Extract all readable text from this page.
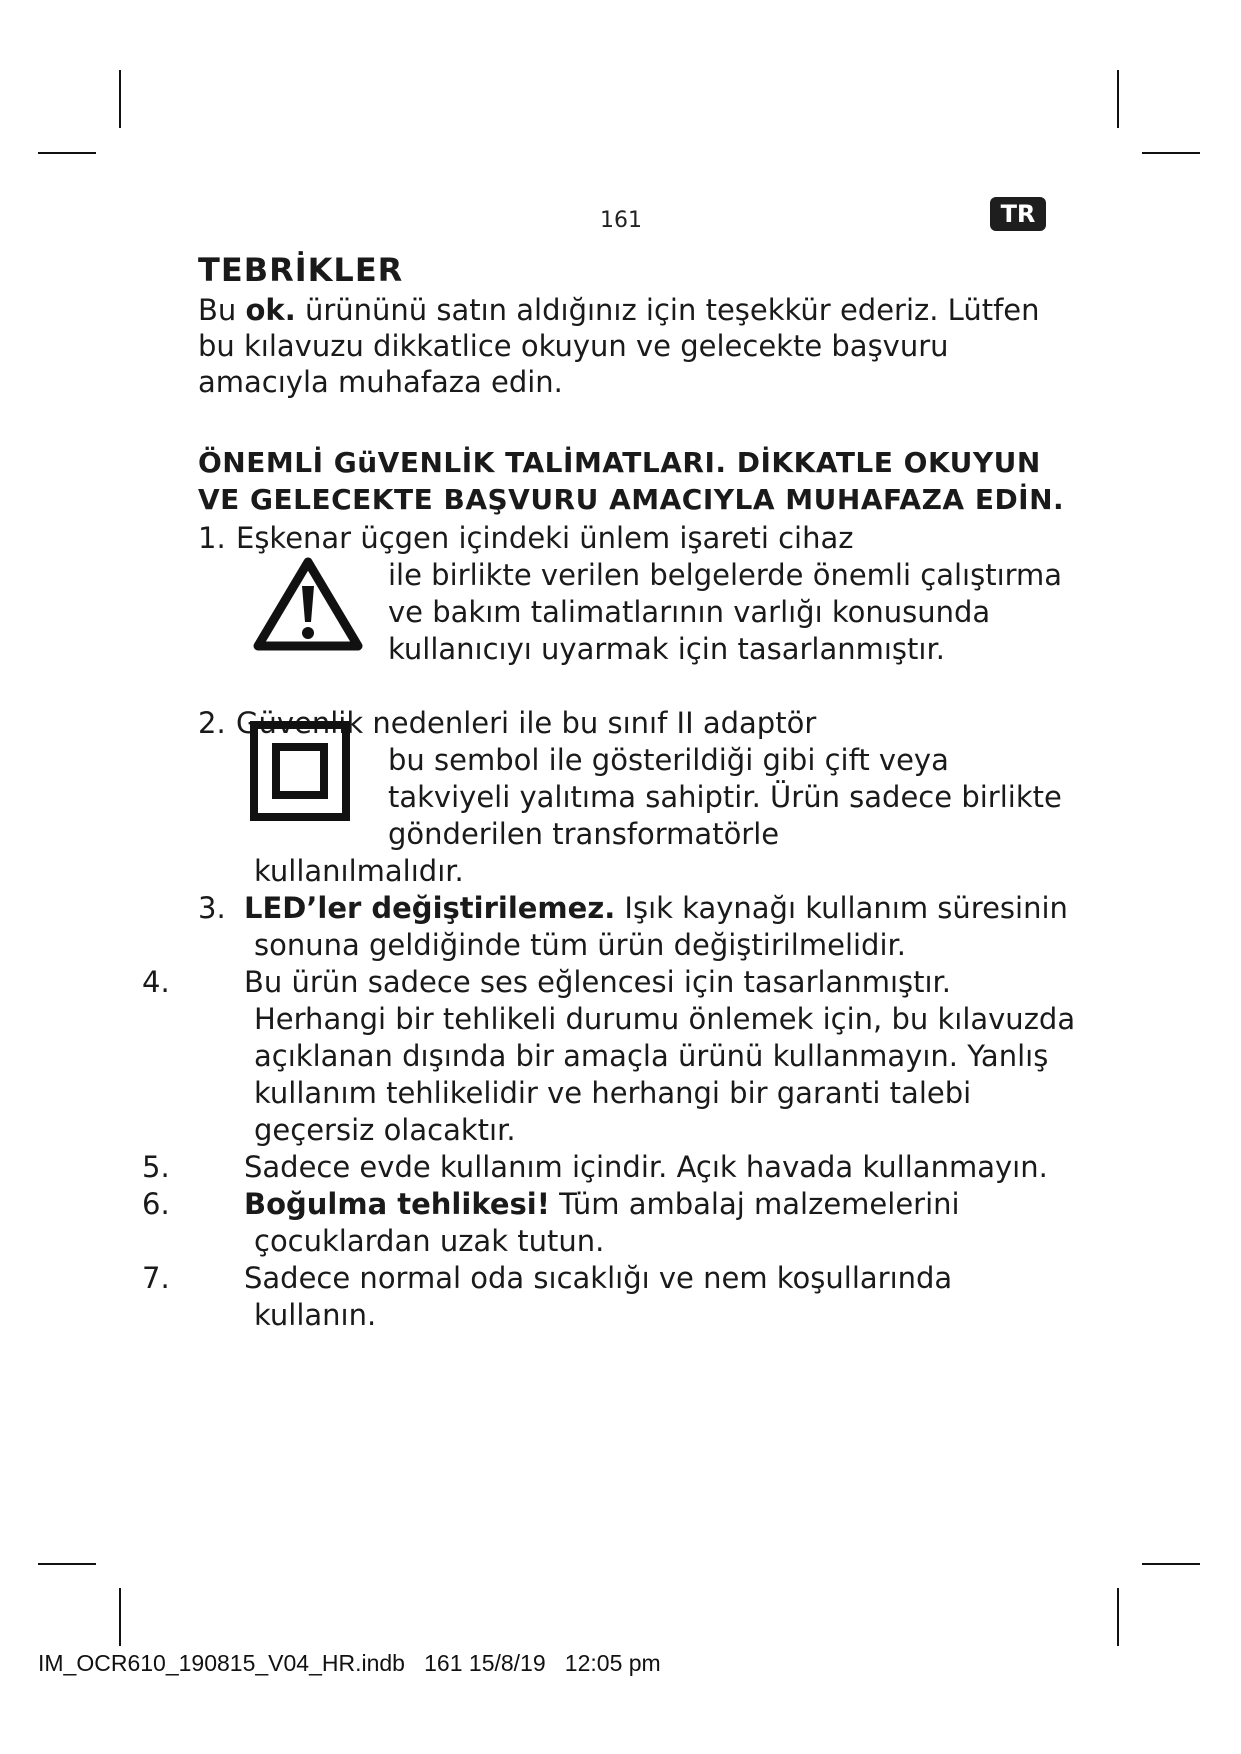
161	TR
TEBRİKLER

Bu ok. ürününü satın aldığınız için teşekkür ederiz. Lütfen bu kılavuzu dikkatlice okuyun ve gelecekte başvuru amacıyla muhafaza edin.

ÖNEMLİ GüVENLİK TALİMATLARI. DİKKATLE OKUYUN VE GELECEKTE BAŞVURU AMACIYLA MUHAFAZA EDİN.
1. Eşkenar üçgen içindeki ünlem işareti cihaz
ile birlikte verilen belgelerde önemli çalıştırma ve bakım talimatlarının varlığı konusunda kullanıcıyı uyarmak için tasarlanmıştır.
2. Güvenlik nedenleri ile bu sınıf II adaptör
bu sembol ile gösterildiği gibi çift veya takviyeli yalıtıma sahiptir. Ürün sadece birlikte gönderilen transformatörle
kullanılmalıdır.
3. LED’ler değiştirilemez. Işık kaynağı kullanım süresinin sonuna geldiğinde tüm ürün değiştirilmelidir.
4.	Bu ürün sadece ses eğlencesi için tasarlanmıştır. Herhangi bir tehlikeli durumu önlemek için, bu kılavuzda açıklanan dışında bir amaçla ürünü kullanmayın. Yanlış kullanım tehlikelidir ve herhangi bir garanti talebi geçersiz olacaktır.
5.	Sadece evde kullanım içindir. Açık havada kullanmayın.
6.	Boğulma tehlikesi! Tüm ambalaj malzemelerini çocuklardan uzak tutun.
7.	Sadece normal oda sıcaklığı ve nem koşullarında kullanın.
IM_OCR610_190815_V04_HR.indb   161 15/8/19   12:05 pm
